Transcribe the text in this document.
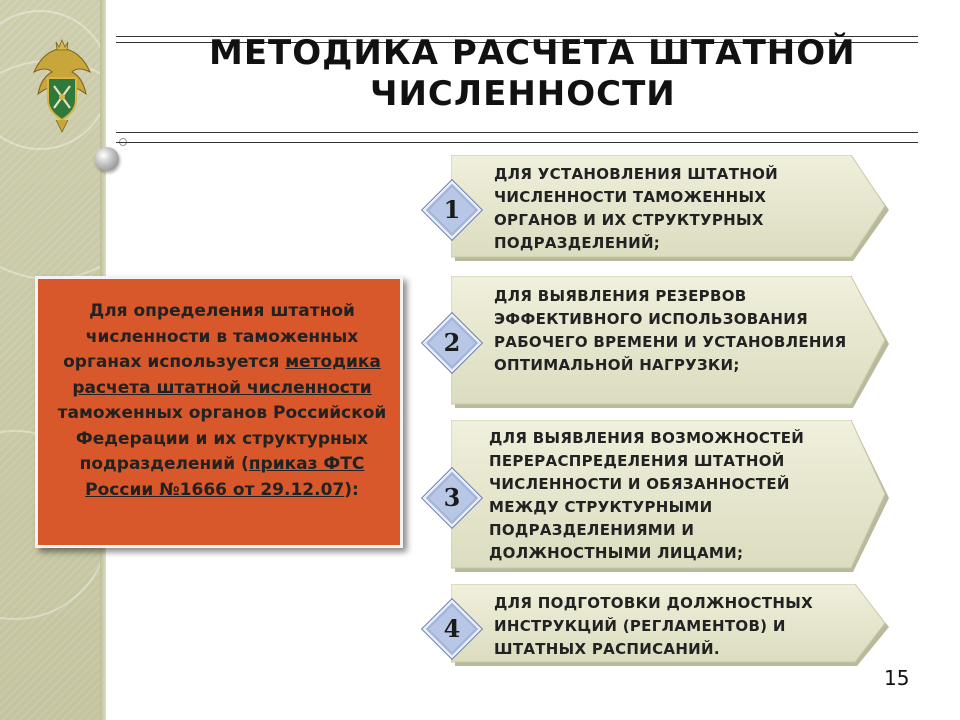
МЕТОДИКА РАСЧЕТА ШТАТНОЙ
ЧИСЛЕННОСТИ
Для определения штатной численности в таможенных органах используется методика расчета штатной численности таможенных органов Российской Федерации и их структурных подразделений (приказ ФТС России №1666 от 29.12.07):
ДЛЯ УСТАНОВЛЕНИЯ ШТАТНОЙ ЧИСЛЕННОСТИ ТАМОЖЕННЫХ ОРГАНОВ И ИХ СТРУКТУРНЫХ ПОДРАЗДЕЛЕНИЙ;
1
ДЛЯ ВЫЯВЛЕНИЯ РЕЗЕРВОВ ЭФФЕКТИВНОГО ИСПОЛЬЗОВАНИЯ РАБОЧЕГО ВРЕМЕНИ И УСТАНОВЛЕНИЯ ОПТИМАЛЬНОЙ НАГРУЗКИ;
2
ДЛЯ ВЫЯВЛЕНИЯ ВОЗМОЖНОСТЕЙ ПЕРЕРАСПРЕДЕЛЕНИЯ ШТАТНОЙ ЧИСЛЕННОСТИ И ОБЯЗАННОСТЕЙ МЕЖДУ СТРУКТУРНЫМИ ПОДРАЗДЕЛЕНИЯМИ И ДОЛЖНОСТНЫМИ ЛИЦАМИ;
3
ДЛЯ ПОДГОТОВКИ ДОЛЖНОСТНЫХ ИНСТРУКЦИЙ (РЕГЛАМЕНТОВ) И ШТАТНЫХ РАСПИСАНИЙ.
4
15
